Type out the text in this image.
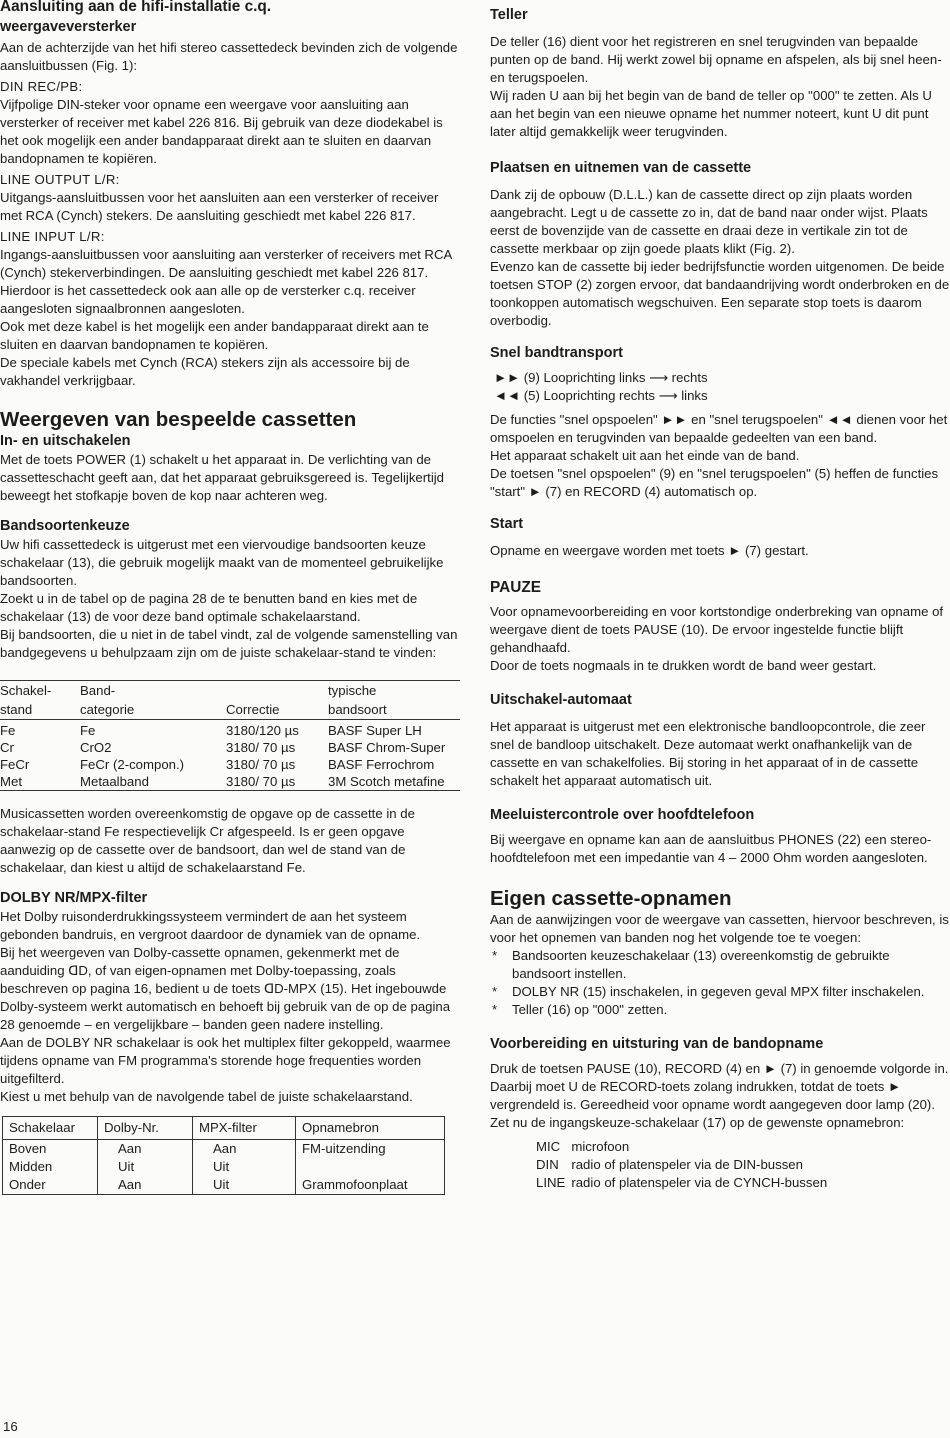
Aansluiting aan de hifi-installatie c.q.

weergaveversterker

Aan de achterzijde van het hifi stereo cassettedeck bevinden zich de volgende aansluitbussen (Fig. 1):

DIN REC/PB:

Vijfpolige DIN-steker voor opname een weergave voor aansluiting aan versterker of receiver met kabel 226 816. Bij gebruik van deze diodekabel is het ook mogelijk een ander bandapparaat direkt aan te sluiten en daarvan bandopnamen te kopiëren.

LINE OUTPUT L/R:

Uitgangs-aansluitbussen voor het aansluiten aan een versterker of receiver met RCA (Cynch) stekers. De aansluiting geschiedt met kabel 226 817.

LINE INPUT L/R:

Ingangs-aansluitbussen voor aansluiting aan versterker of receivers met RCA (Cynch) stekerverbindingen. De aansluiting geschiedt met kabel 226 817.

Hierdoor is het cassettedeck ook aan alle op de versterker c.q. receiver aangesloten signaalbronnen aangesloten.

Ook met deze kabel is het mogelijk een ander bandapparaat direkt aan te sluiten en daarvan bandopnamen te kopiëren.

De speciale kabels met Cynch (RCA) stekers zijn als accessoire bij de vakhandel verkrijgbaar.

Weergeven van bespeelde cassetten

In- en uitschakelen

Met de toets POWER (1) schakelt u het apparaat in. De verlichting van de cassetteschacht geeft aan, dat het apparaat gebruiksgereed is. Tegelijkertijd beweegt het stofkapje boven de kop naar achteren weg.

Bandsoortenkeuze

Uw hifi cassettedeck is uitgerust met een viervoudige bandsoorten keuze schakelaar (13), die gebruik mogelijk maakt van de momenteel gebruikelijke bandsoorten.

Zoekt u in de tabel op de pagina 28 de te benutten band en kies met de schakelaar (13) de voor deze band optimale schakelaarstand.

Bij bandsoorten, die u niet in de tabel vindt, zal de volgende samenstelling van bandgegevens u behulpzaam zijn om de juiste schakelaar-stand te vinden:

Schakel-	Band-		typische
stand	categorie	Correctie	bandsoort
Fe	Fe	3180/120 µs	BASF Super LH
Cr	CrO2	3180/ 70 µs	BASF Chrom-Super
FeCr	FeCr (2-compon.)	3180/ 70 µs	BASF Ferrochrom
Met	Metaalband	3180/ 70 µs	3M Scotch metafine

Musicassetten worden overeenkomstig de opgave op de cassette in de schakelaar-stand Fe respectievelijk Cr afgespeeld. Is er geen opgave aanwezig op de cassette over de bandsoort, dan wel de stand van de schakelaar, dan kiest u altijd de schakelaarstand Fe.

DOLBY NR/MPX-filter

Het Dolby ruisonderdrukkingssysteem vermindert de aan het systeem gebonden bandruis, en vergroot daardoor de dynamiek van de opname.

Bij het weergeven van Dolby-cassette opnamen, gekenmerkt met de aanduiding ᗡD, of van eigen-opnamen met Dolby-toepassing, zoals beschreven op pagina 16, bedient u de toets ᗡD-MPX (15). Het ingebouwde Dolby-systeem werkt automatisch en behoeft bij gebruik van de op de pagina 28 genoemde – en vergelijkbare – banden geen nadere instelling.

Aan de DOLBY NR schakelaar is ook het multiplex filter gekoppeld, waarmee tijdens opname van FM programma's storende hoge frequenties worden uitgefilterd.

Kiest u met behulp van de navolgende tabel de juiste schakelaarstand.

Schakelaar	Dolby-Nr.	MPX-filter	Opnamebron
Boven	Aan	Aan	FM-uitzending
Midden	Uit	Uit	
Onder	Aan	Uit	Grammofoonplaat
16

Teller

De teller (16) dient voor het registreren en snel terugvinden van bepaalde punten op de band. Hij werkt zowel bij opname en afspelen, als bij snel heen- en terugspoelen.

Wij raden U aan bij het begin van de band de teller op "000" te zetten. Als U aan het begin van een nieuwe opname het nummer noteert, kunt U dit punt later altijd gemakkelijk weer terugvinden.

Plaatsen en uitnemen van de cassette

Dank zij de opbouw (D.L.L.) kan de cassette direct op zijn plaats worden aangebracht. Legt u de cassette zo in, dat de band naar onder wijst. Plaats eerst de bovenzijde van de cassette en draai deze in vertikale zin tot de cassette merkbaar op zijn goede plaats klikt (Fig. 2).

Evenzo kan de cassette bij ieder bedrijfsfunctie worden uitgenomen. De beide toetsen STOP (2) zorgen ervoor, dat bandaandrijving wordt onderbroken en de toonkoppen automatisch wegschuiven. Een separate stop toets is daarom overbodig.

Snel bandtransport

►► (9) Looprichting links ⟶ rechts

◄◄ (5) Looprichting rechts ⟶ links

De functies "snel opspoelen" ►► en "snel terugspoelen" ◄◄ dienen voor het omspoelen en terugvinden van bepaalde gedeelten van een band.

Het apparaat schakelt uit aan het einde van de band.

De toetsen "snel opspoelen" (9) en "snel terugspoelen" (5) heffen de functies "start" ► (7) en RECORD (4) automatisch op.

Start

Opname en weergave worden met toets ► (7) gestart.

PAUZE

Voor opnamevoorbereiding en voor kortstondige onderbreking van opname of weergave dient de toets PAUSE (10). De ervoor ingestelde functie blijft gehandhaafd.

Door de toets nogmaals in te drukken wordt de band weer gestart.

Uitschakel-automaat

Het apparaat is uitgerust met een elektronische bandloopcontrole, die zeer snel de bandloop uitschakelt. Deze automaat werkt onafhankelijk van de cassette en van schakelfolies. Bij storing in het apparaat of in de cassette schakelt het apparaat automatisch uit.

Meeluistercontrole over hoofdtelefoon

Bij weergave en opname kan aan de aansluitbus PHONES (22) een stereo-hoofdtelefoon met een impedantie van 4 – 2000 Ohm worden aangesloten.

Eigen cassette-opnamen

Aan de aanwijzingen voor de weergave van cassetten, hiervoor beschreven, is voor het opnemen van banden nog het volgende toe te voegen:

* Bandsoorten keuzeschakelaar (13) overeenkomstig de gebruikte bandsoort instellen.
* DOLBY NR (15) inschakelen, in gegeven geval MPX filter inschakelen.
* Teller (16) op "000" zetten.

Voorbereiding en uitsturing van de bandopname

Druk de toetsen PAUSE (10), RECORD (4) en ► (7) in genoemde volgorde in. Daarbij moet U de RECORD-toets zolang indrukken, totdat de toets ► vergrendeld is. Gereedheid voor opname wordt aangegeven door lamp (20).

Zet nu de ingangskeuze-schakelaar (17) op de gewenste opnamebron:

MIC	microfoon
DIN	radio of platenspeler via de DIN-bussen
LINE	radio of platenspeler via de CYNCH-bussen
